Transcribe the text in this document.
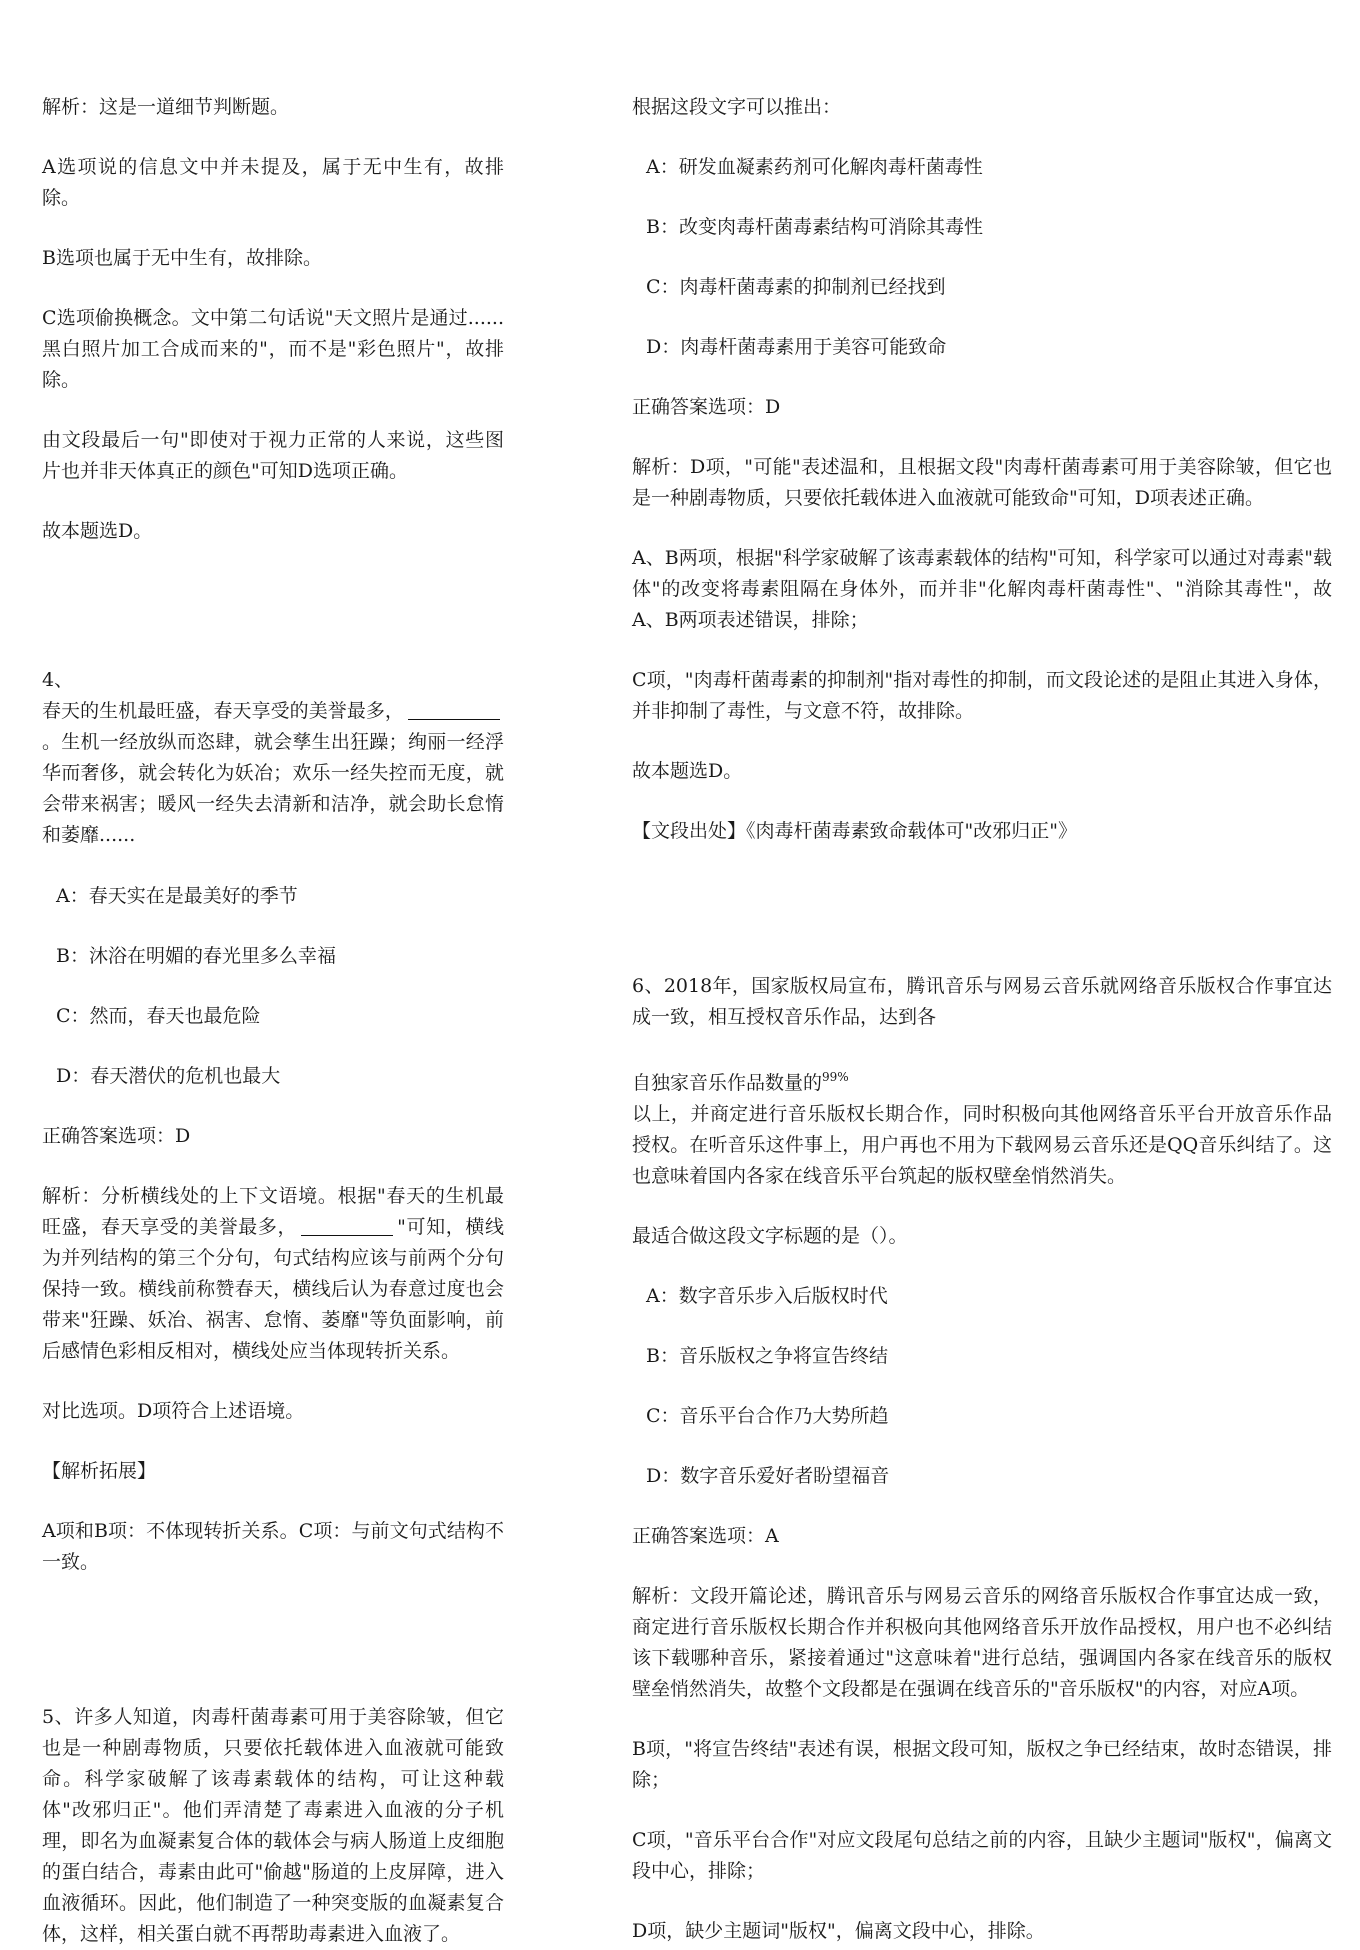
解析：这是一道细节判断题。

A选项说的信息文中并未提及，属于无中生有，故排除。

B选项也属于无中生有，故排除。

C选项偷换概念。文中第二句话说"天文照片是通过......黑白照片加工合成而来的"，而不是"彩色照片"，故排除。

由文段最后一句"即使对于视力正常的人来说，这些图片也并非天体真正的颜色"可知D选项正确。

故本题选D。

4、

春天的生机最旺盛，春天享受的美誉最多，。生机一经放纵而恣肆，就会孳生出狂躁；绚丽一经浮华而奢侈，就会转化为妖冶；欢乐一经失控而无度，就会带来祸害；暖风一经失去清新和洁净，就会助长怠惰和萎靡......

A：春天实在是最美好的季节

B：沐浴在明媚的春光里多么幸福

C：然而，春天也最危险

D：春天潜伏的危机也最大

正确答案选项：D

解析：分析横线处的上下文语境。根据"春天的生机最旺盛，春天享受的美誉最多，	"可知，横线为并列结构的第三个分句，句式结构应该与前两个分句保持一致。横线前称赞春天，横线后认为春意过度也会带来"狂躁、妖冶、祸害、怠惰、萎靡"等负面影响，前后感情色彩相反相对，横线处应当体现转折关系。

对比选项。D项符合上述语境。

【解析拓展】

A项和B项：不体现转折关系。C项：与前文句式结构不一致。

5、许多人知道，肉毒杆菌毒素可用于美容除皱，但它也是一种剧毒物质，只要依托载体进入血液就可能致命。科学家破解了该毒素载体的结构，可让这种载体"改邪归正"。他们弄清楚了毒素进入血液的分子机理，即名为血凝素复合体的载体会与病人肠道上皮细胞的蛋白结合，毒素由此可"偷越"肠道的上皮屏障，进入血液循环。因此，他们制造了一种突变版的血凝素复合体，这样，相关蛋白就不再帮助毒素进入血液了。

根据这段文字可以推出：

A：研发血凝素药剂可化解肉毒杆菌毒性

B：改变肉毒杆菌毒素结构可消除其毒性

C：肉毒杆菌毒素的抑制剂已经找到

D：肉毒杆菌毒素用于美容可能致命

正确答案选项：D

解析：D项，"可能"表述温和，且根据文段"肉毒杆菌毒素可用于美容除皱，但它也是一种剧毒物质，只要依托载体进入血液就可能致命"可知，D项表述正确。

A、B两项，根据"科学家破解了该毒素载体的结构"可知，科学家可以通过对毒素"载体"的改变将毒素阻隔在身体外，而并非"化解肉毒杆菌毒性"、"消除其毒性"，故A、B两项表述错误，排除；

C项，"肉毒杆菌毒素的抑制剂"指对毒性的抑制，而文段论述的是阻止其进入身体，并非抑制了毒性，与文意不符，故排除。

故本题选D。

【文段出处】《肉毒杆菌毒素致命载体可"改邪归正"》

6、2018年，国家版权局宣布，腾讯音乐与网易云音乐就网络音乐版权合作事宜达成一致，相互授权音乐作品，达到各

自独家音乐作品数量的$^{99\%}$

以上，并商定进行音乐版权长期合作，同时积极向其他网络音乐平台开放音乐作品授权。在听音乐这件事上，用户再也不用为下载网易云音乐还是QQ音乐纠结了。这也意味着国内各家在线音乐平台筑起的版权壁垒悄然消失。

最适合做这段文字标题的是（）。

A：数字音乐步入后版权时代

B：音乐版权之争将宣告终结

C：音乐平台合作乃大势所趋

D：数字音乐爱好者盼望福音

正确答案选项：A

解析：文段开篇论述，腾讯音乐与网易云音乐的网络音乐版权合作事宜达成一致，商定进行音乐版权长期合作并积极向其他网络音乐开放作品授权，用户也不必纠结该下载哪种音乐，紧接着通过"这意味着"进行总结，强调国内各家在线音乐的版权壁垒悄然消失，故整个文段都是在强调在线音乐的"音乐版权"的内容，对应A项。

B项，"将宣告终结"表述有误，根据文段可知，版权之争已经结束，故时态错误，排除；

C项，"音乐平台合作"对应文段尾句总结之前的内容，且缺少主题词"版权"，偏离文段中心，排除；

D项，缺少主题词"版权"，偏离文段中心，排除。
